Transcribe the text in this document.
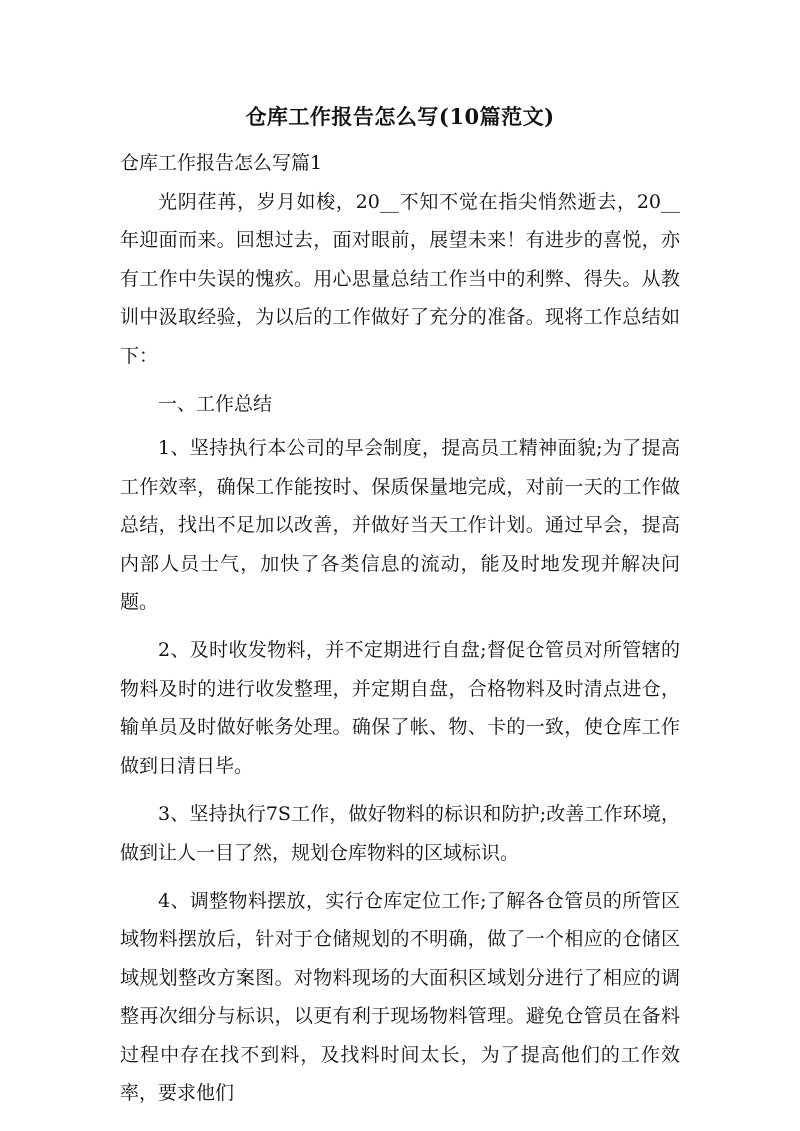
仓库工作报告怎么写(10篇范文)
仓库工作报告怎么写篇1

光阴荏苒，岁月如梭，20__不知不觉在指尖悄然逝去，20__年迎面而来。回想过去，面对眼前，展望未来！有进步的喜悦，亦有工作中失误的愧疚。用心思量总结工作当中的利弊、得失。从教训中汲取经验，为以后的工作做好了充分的准备。现将工作总结如下：

一、工作总结

1、坚持执行本公司的早会制度，提高员工精神面貌;为了提高工作效率，确保工作能按时、保质保量地完成，对前一天的工作做总结，找出不足加以改善，并做好当天工作计划。通过早会，提高内部人员士气，加快了各类信息的流动，能及时地发现并解决问题。

2、及时收发物料，并不定期进行自盘;督促仓管员对所管辖的物料及时的进行收发整理，并定期自盘，合格物料及时清点进仓，输单员及时做好帐务处理。确保了帐、物、卡的一致，使仓库工作做到日清日毕。

3、坚持执行7S工作，做好物料的标识和防护;改善工作环境，做到让人一目了然，规划仓库物料的区域标识。

4、调整物料摆放，实行仓库定位工作;了解各仓管员的所管区域物料摆放后，针对于仓储规划的不明确，做了一个相应的仓储区域规划整改方案图。对物料现场的大面积区域划分进行了相应的调整再次细分与标识，以更有利于现场物料管理。避免仓管员在备料过程中存在找不到料，及找料时间太长，为了提高他们的工作效率，要求他们
